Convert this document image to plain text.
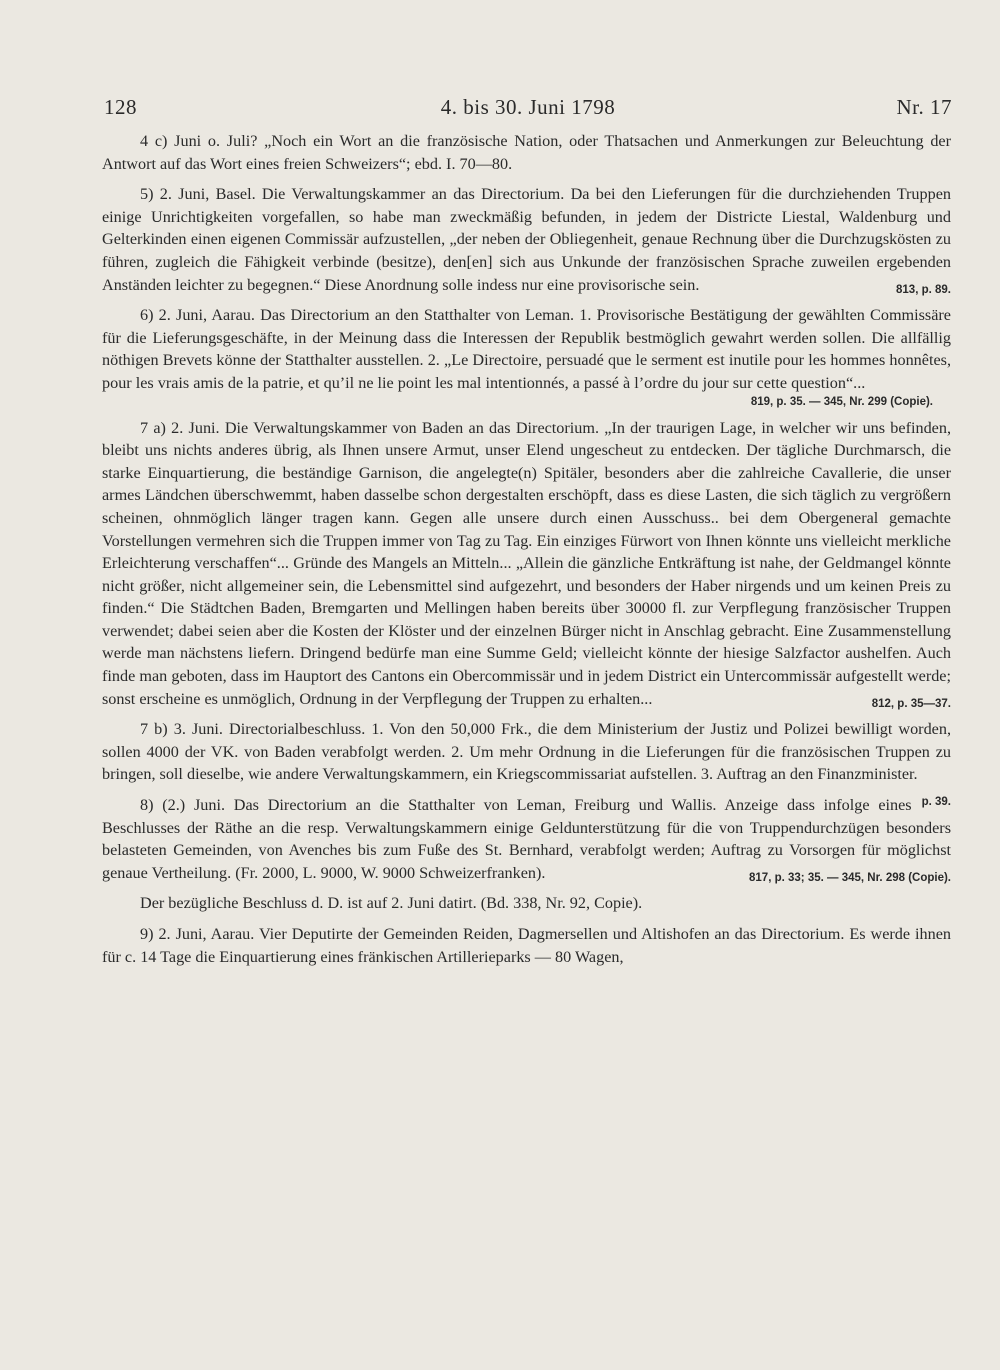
128	4. bis 30. Juni 1798	Nr. 17

4 c) Juni o. Juli? „Noch ein Wort an die französische Nation, oder Thatsachen und Anmerkungen zur Beleuchtung der Antwort auf das Wort eines freien Schweizers“; ebd. I. 70—80.

5) 2. Juni, Basel. Die Verwaltungskammer an das Directorium. Da bei den Lieferungen für die durchziehenden Truppen einige Unrichtigkeiten vorgefallen, so habe man zweckmäßig befunden, in jedem der Districte Liestal, Waldenburg und Gelterkinden einen eigenen Commissär aufzustellen, „der neben der Obliegenheit, genaue Rechnung über die Durchzugskösten zu führen, zugleich die Fähigkeit verbinde (besitze), den[en] sich aus Unkunde der französischen Sprache zuweilen ergebenden Anständen leichter zu begegnen.“ Diese Anordnung solle indess nur eine provisorische sein.	813, p. 89.

6) 2. Juni, Aarau. Das Directorium an den Statthalter von Leman. 1. Provisorische Bestätigung der gewählten Commissäre für die Lieferungsgeschäfte, in der Meinung dass die Interessen der Republik bestmöglich gewahrt werden sollen. Die allfällig nöthigen Brevets könne der Statthalter ausstellen. 2. „Le Directoire, persuadé que le serment est inutile pour les hommes honnêtes, pour les vrais amis de la patrie, et qu’il ne lie point les mal intentionnés, a passé à l’ordre du jour sur cette question“...

819, p. 35. — 345, Nr. 299 (Copie).

7 a) 2. Juni. Die Verwaltungskammer von Baden an das Directorium. „In der traurigen Lage, in welcher wir uns befinden, bleibt uns nichts anderes übrig, als Ihnen unsere Armut, unser Elend ungescheut zu entdecken. Der tägliche Durchmarsch, die starke Einquartierung, die beständige Garnison, die angelegte(n) Spitäler, besonders aber die zahlreiche Cavallerie, die unser armes Ländchen überschwemmt, haben dasselbe schon dergestalten erschöpft, dass es diese Lasten, die sich täglich zu vergrößern scheinen, ohnmöglich länger tragen kann. Gegen alle unsere durch einen Ausschuss.. bei dem Obergeneral gemachte Vorstellungen vermehren sich die Truppen immer von Tag zu Tag. Ein einziges Fürwort von Ihnen könnte uns vielleicht merkliche Erleichterung verschaffen“... Gründe des Mangels an Mitteln... „Allein die gänzliche Entkräftung ist nahe, der Geldmangel könnte nicht größer, nicht allgemeiner sein, die Lebensmittel sind aufgezehrt, und besonders der Haber nirgends und um keinen Preis zu finden.“ Die Städtchen Baden, Bremgarten und Mellingen haben bereits über 30000 fl. zur Verpflegung französischer Truppen verwendet; dabei seien aber die Kosten der Klöster und der einzelnen Bürger nicht in Anschlag gebracht. Eine Zusammenstellung werde man nächstens liefern. Dringend bedürfe man eine Summe Geld; vielleicht könnte der hiesige Salzfactor aushelfen. Auch finde man geboten, dass im Hauptort des Cantons ein Obercommissär und in jedem District ein Untercommissär aufgestellt werde; sonst erscheine es unmöglich, Ordnung in der Verpflegung der Truppen zu erhalten...	812, p. 35—37.

7 b) 3. Juni. Directorialbeschluss. 1. Von den 50,000 Frk., die dem Ministerium der Justiz und Polizei bewilligt worden, sollen 4000 der VK. von Baden verabfolgt werden. 2. Um mehr Ordnung in die Lieferungen für die französischen Truppen zu bringen, soll dieselbe, wie andere Verwaltungskammern, ein Kriegscommissariat aufstellen. 3. Auftrag an den Finanzminister.
p. 39.

8) (2.) Juni. Das Directorium an die Statthalter von Leman, Freiburg und Wallis. Anzeige dass infolge eines Beschlusses der Räthe an die resp. Verwaltungskammern einige Geldunterstützung für die von Truppendurchzügen besonders belasteten Gemeinden, von Avenches bis zum Fuße des St. Bernhard, verabfolgt werden; Auftrag zu Vorsorgen für möglichst genaue Vertheilung. (Fr. 2000, L. 9000, W. 9000 Schweizerfranken).	817, p. 33; 35. — 345, Nr. 298 (Copie).

Der bezügliche Beschluss d. D. ist auf 2. Juni datirt. (Bd. 338, Nr. 92, Copie).

9) 2. Juni, Aarau. Vier Deputirte der Gemeinden Reiden, Dagmersellen und Altishofen an das Directorium. Es werde ihnen für c. 14 Tage die Einquartierung eines fränkischen Artillerieparks — 80 Wagen,
